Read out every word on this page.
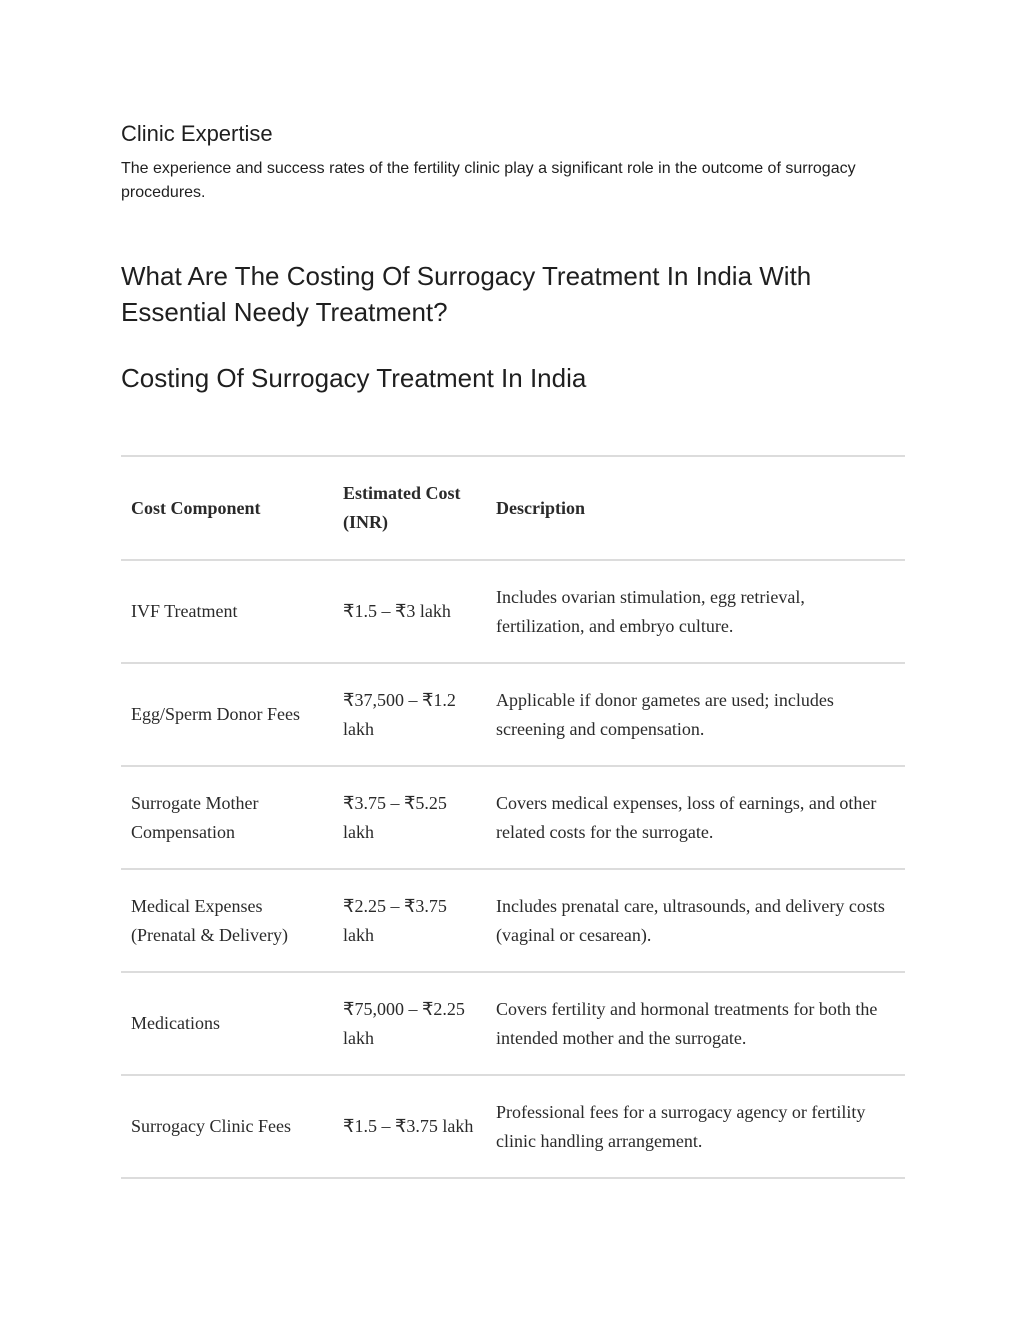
Clinic Expertise

The experience and success rates of the fertility clinic play a significant role in the outcome of surrogacy procedures.

What Are The Costing Of Surrogacy Treatment In India With Essential Needy Treatment?
Costing Of Surrogacy Treatment In India
Cost Component	Estimated Cost (INR)	Description
IVF Treatment	₹1.5 – ₹3 lakh	Includes ovarian stimulation, egg retrieval, fertilization, and embryo culture.
Egg/Sperm Donor Fees	₹37,500 – ₹1.2 lakh	Applicable if donor gametes are used; includes screening and compensation.
Surrogate Mother Compensation	₹3.75 – ₹5.25 lakh	Covers medical expenses, loss of earnings, and other related costs for the surrogate.
Medical Expenses (Prenatal & Delivery)	₹2.25 – ₹3.75 lakh	Includes prenatal care, ultrasounds, and delivery costs (vaginal or cesarean).
Medications	₹75,000 – ₹2.25 lakh	Covers fertility and hormonal treatments for both the intended mother and the surrogate.
Surrogacy Clinic Fees	₹1.5 – ₹3.75 lakh	Professional fees for a surrogacy agency or fertility clinic handling arrangement.
